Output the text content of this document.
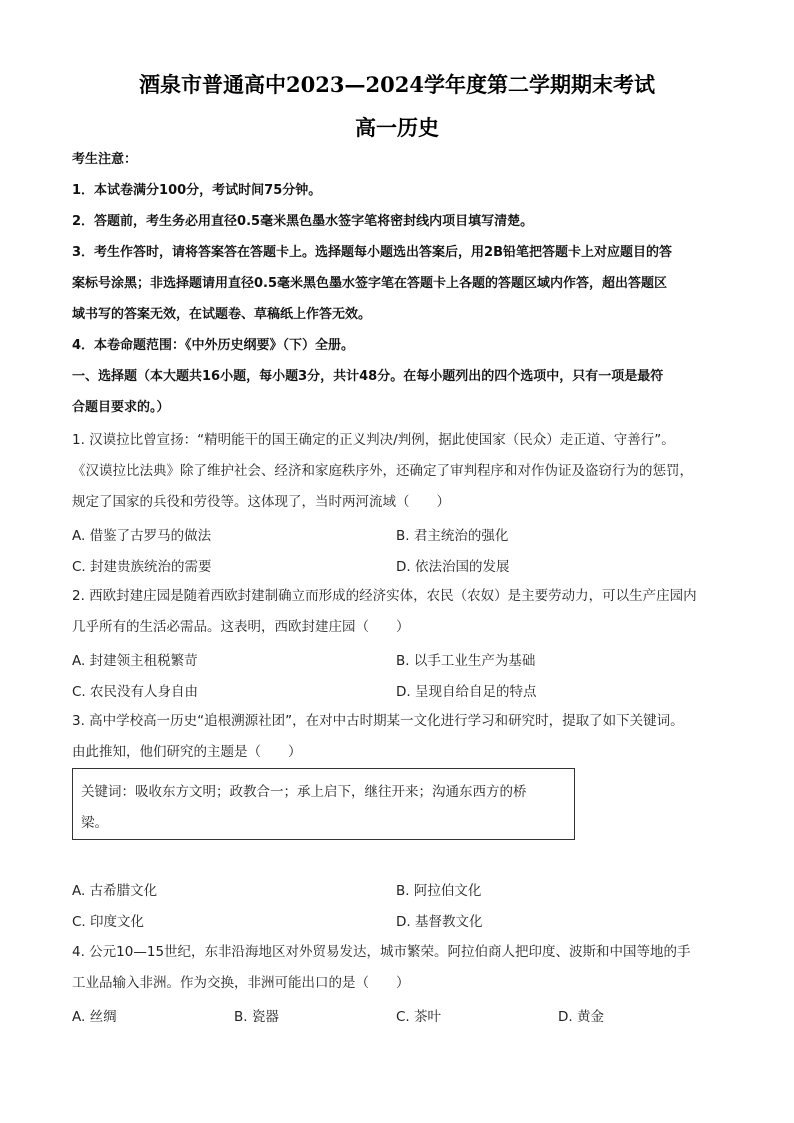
酒泉市普通高中2023—2024学年度第二学期期末考试
高一历史
考生注意：
1．本试卷满分100分，考试时间75分钟。
2．答题前，考生务必用直径0.5毫米黑色墨水签字笔将密封线内项目填写清楚。
3．考生作答时，请将答案答在答题卡上。选择题每小题选出答案后，用2B铅笔把答题卡上对应题目的答
案标号涂黑；非选择题请用直径0.5毫米黑色墨水签字笔在答题卡上各题的答题区域内作答，超出答题区
域书写的答案无效，在试题卷、草稿纸上作答无效。
4．本卷命题范围：《中外历史纲要》（下）全册。
一、选择题（本大题共16小题，每小题3分，共计48分。在每小题列出的四个选项中，只有一项是最符
合题目要求的。）
1. 汉谟拉比曾宣扬：“精明能干的国王确定的正义判决/判例，据此使国家（民众）走正道、守善行”。
《汉谟拉比法典》除了维护社会、经济和家庭秩序外，还确定了审判程序和对作伪证及盗窃行为的惩罚，
规定了国家的兵役和劳役等。这体现了，当时两河流域（　　）
A. 借鉴了古罗马的做法	B. 君主统治的强化
C. 封建贵族统治的需要	D. 依法治国的发展
2. 西欧封建庄园是随着西欧封建制确立而形成的经济实体，农民（农奴）是主要劳动力，可以生产庄园内
几乎所有的生活必需品。这表明，西欧封建庄园（　　）
A. 封建领主租税繁苛	B. 以手工业生产为基础
C. 农民没有人身自由	D. 呈现自给自足的特点
3. 高中学校高一历史“追根溯源社团”，在对中古时期某一文化进行学习和研究时，提取了如下关键词。
由此推知，他们研究的主题是（　　）
关键词：吸收东方文明；政教合一；承上启下，继往开来；沟通东西方的桥
梁。
A. 古希腊文化	B. 阿拉伯文化
C. 印度文化	D. 基督教文化
4. 公元10—15世纪，东非沿海地区对外贸易发达，城市繁荣。阿拉伯商人把印度、波斯和中国等地的手
工业品输入非洲。作为交换，非洲可能出口的是（　　）
A. 丝绸	B. 瓷器	C. 茶叶	D. 黄金
